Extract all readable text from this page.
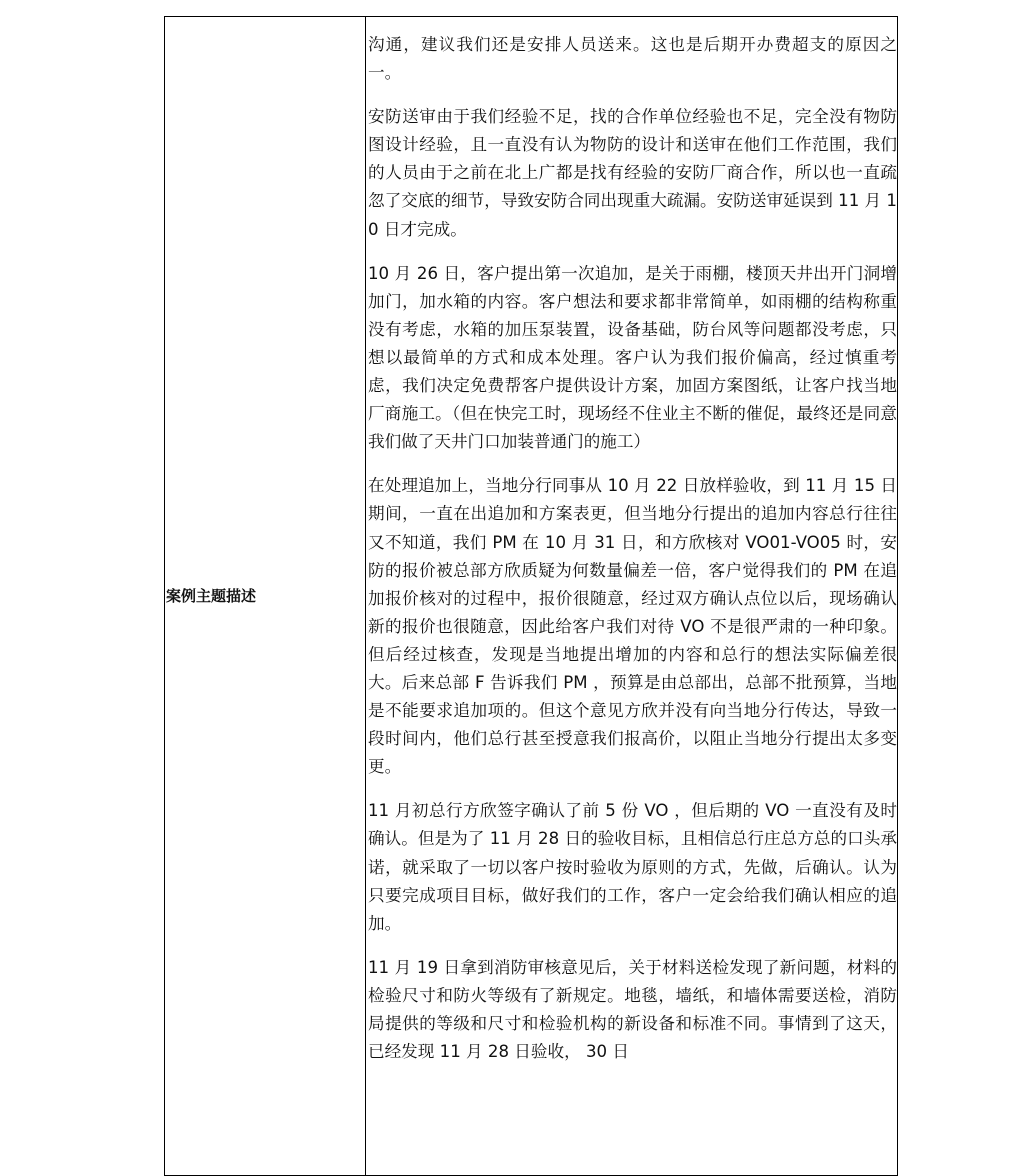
案例主题描述

沟通，建议我们还是安排人员送来。这也是后期开办费超支的原因之一。

安防送审由于我们经验不足，找的合作单位经验也不足，完全没有物防图设计经验，且一直没有认为物防的设计和送审在他们工作范围，我们的人员由于之前在北上广都是找有经验的安防厂商合作，所以也一直疏忽了交底的细节，导致安防合同出现重大疏漏。安防送审延误到 11 月 10 日才完成。

10 月 26 日，客户提出第一次追加，是关于雨棚，楼顶天井出开门洞增加门，加水箱的内容。客户想法和要求都非常简单，如雨棚的结构称重没有考虑，水箱的加压泵装置，设备基础，防台风等问题都没考虑，只想以最简单的方式和成本处理。客户认为我们报价偏高，经过慎重考虑，我们决定免费帮客户提供设计方案，加固方案图纸，让客户找当地厂商施工。（但在快完工时，现场经不住业主不断的催促，最终还是同意我们做了天井门口加装普通门的施工）

在处理追加上，当地分行同事从 10 月 22 日放样验收，到 11 月 15 日期间，一直在出追加和方案表更，但当地分行提出的追加内容总行往往又不知道，我们 PM 在 10 月 31 日，和方欣核对 VO01-VO05 时，安防的报价被总部方欣质疑为何数量偏差一倍，客户觉得我们的 PM 在追加报价核对的过程中，报价很随意，经过双方确认点位以后，现场确认新的报价也很随意，因此给客户我们对待 VO 不是很严肃的一种印象。但后经过核查，发现是当地提出增加的内容和总行的想法实际偏差很大。后来总部 F 告诉我们 PM ，预算是由总部出，总部不批预算，当地是不能要求追加项的。但这个意见方欣并没有向当地分行传达，导致一段时间内，他们总行甚至授意我们报高价，以阻止当地分行提出太多变更。

11 月初总行方欣签字确认了前 5 份 VO ，但后期的 VO 一直没有及时确认。但是为了 11 月 28 日的验收目标，且相信总行庄总方总的口头承诺，就采取了一切以客户按时验收为原则的方式，先做，后确认。认为只要完成项目目标，做好我们的工作，客户一定会给我们确认相应的追加。

11 月 19 日拿到消防审核意见后，关于材料送检发现了新问题，材料的检验尺寸和防火等级有了新规定。地毯，墙纸，和墙体需要送检，消防局提供的等级和尺寸和检验机构的新设备和标准不同。事情到了这天，已经发现 11 月 28 日验收， 30 日
